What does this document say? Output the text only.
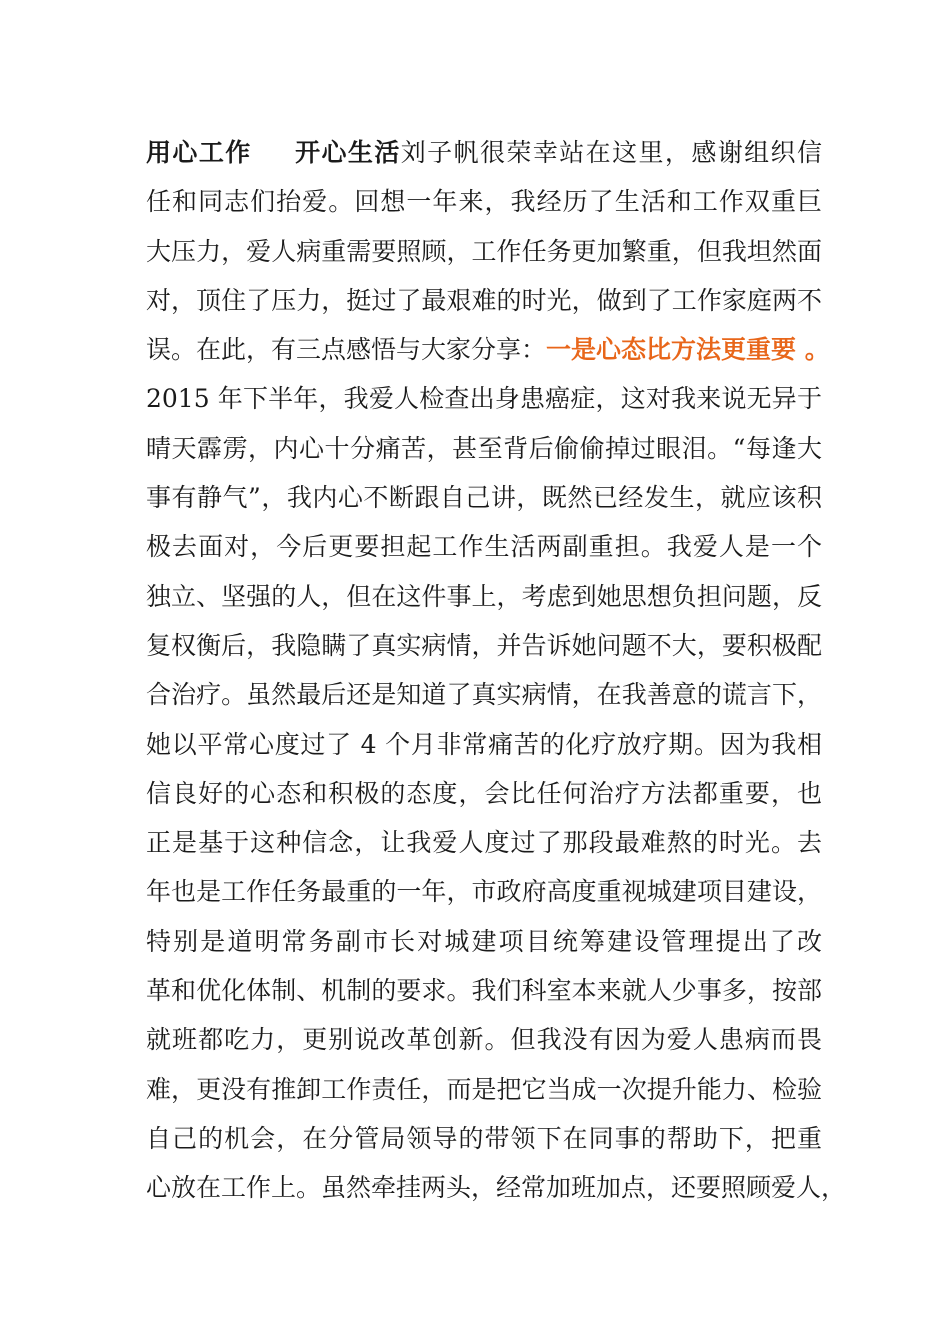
用心工作 开心生活刘子帆很荣幸站在这里，感谢组织信
任和同志们抬爱。回想一年来，我经历了生活和工作双重巨
大压力，爱人病重需要照顾，工作任务更加繁重，但我坦然面
对，顶住了压力，挺过了最艰难的时光，做到了工作家庭两不
误。在此，有三点感悟与大家分享：一是心态比方法更重要 。
2015 年下半年，我爱人检查出身患癌症，这对我来说无异于
晴天霹雳，内心十分痛苦，甚至背后偷偷掉过眼泪。“每逢大
事有静气”，我内心不断跟自己讲，既然已经发生，就应该积
极去面对，今后更要担起工作生活两副重担。我爱人是一个
独立、坚强的人，但在这件事上，考虑到她思想负担问题，反
复权衡后，我隐瞒了真实病情，并告诉她问题不大，要积极配
合治疗。虽然最后还是知道了真实病情，在我善意的谎言下，
她以平常心度过了 4 个月非常痛苦的化疗放疗期。因为我相
信良好的心态和积极的态度，会比任何治疗方法都重要，也
正是基于这种信念，让我爱人度过了那段最难熬的时光。去
年也是工作任务最重的一年，市政府高度重视城建项目建设，
特别是道明常务副市长对城建项目统筹建设管理提出了改
革和优化体制、机制的要求。我们科室本来就人少事多，按部
就班都吃力，更别说改革创新。但我没有因为爱人患病而畏
难，更没有推卸工作责任，而是把它当成一次提升能力、检验
自己的机会，在分管局领导的带领下在同事的帮助下，把重
心放在工作上。虽然牵挂两头，经常加班加点，还要照顾爱人，
